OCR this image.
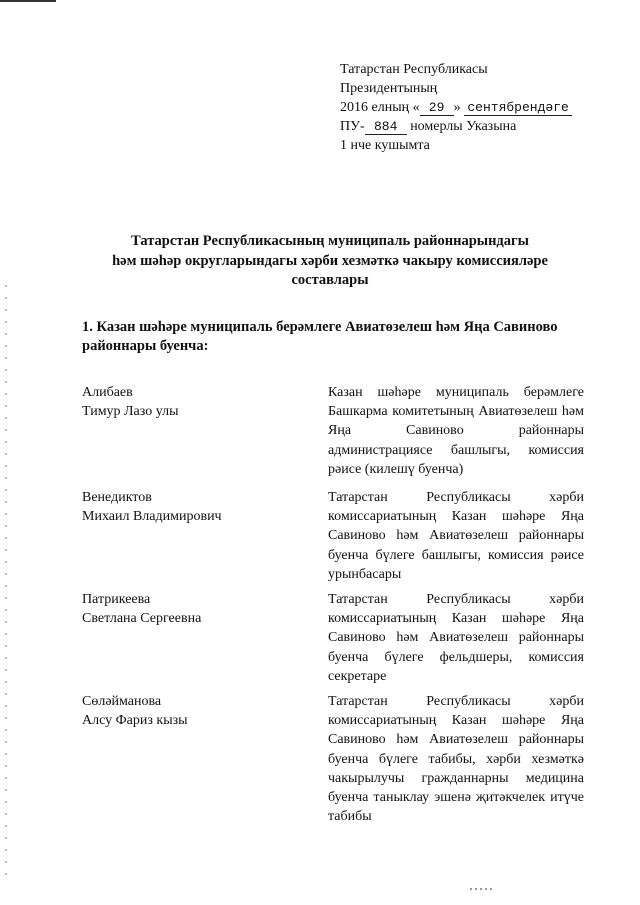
Татарстан Республикасы
Президентының
2016 елның « 29 » сентябрендәге
ПУ- 884 номерлы Указына
1 нче кушымта
Татарстан Республикасының муниципаль районнарындагы
һәм шәһәр округларындагы хәрби хезмәткә чакыру комиссияләре
составлары
1. Казан шәһәре муниципаль берәмлеге Авиатөзелеш һәм Яңа Савиново районнары буенча:
Алибаев
Тимур Лазо улы
Казан шәһәре муниципаль берәмлеге Башкарма комитетының Авиатөзелеш һәм Яңа Савиново районнары администрациясе башлыгы, комиссия рәисе (килешү буенча)
Венедиктов
Михаил Владимирович
Татарстан Республикасы хәрби комиссариатының Казан шәһәре Яңа Савиново һәм Авиатөзелеш районнары буенча бүлеге башлыгы, комиссия рәисе урынбасары
Патрикеева
Светлана Сергеевна
Татарстан Республикасы хәрби комиссариатының Казан шәһәре Яңа Савиново һәм Авиатөзелеш районнары буенча бүлеге фельдшеры, комиссия секретаре
Сөләйманова
Алсу Фариз кызы
Татарстан Республикасы хәрби комиссариатының Казан шәһәре Яңа Савиново һәм Авиатөзелеш районнары буенча бүлеге табибы, хәрби хезмәткә чакырылучы гражданнарны медицина буенча таныклау эшенә җитәкчелек итүче табибы
